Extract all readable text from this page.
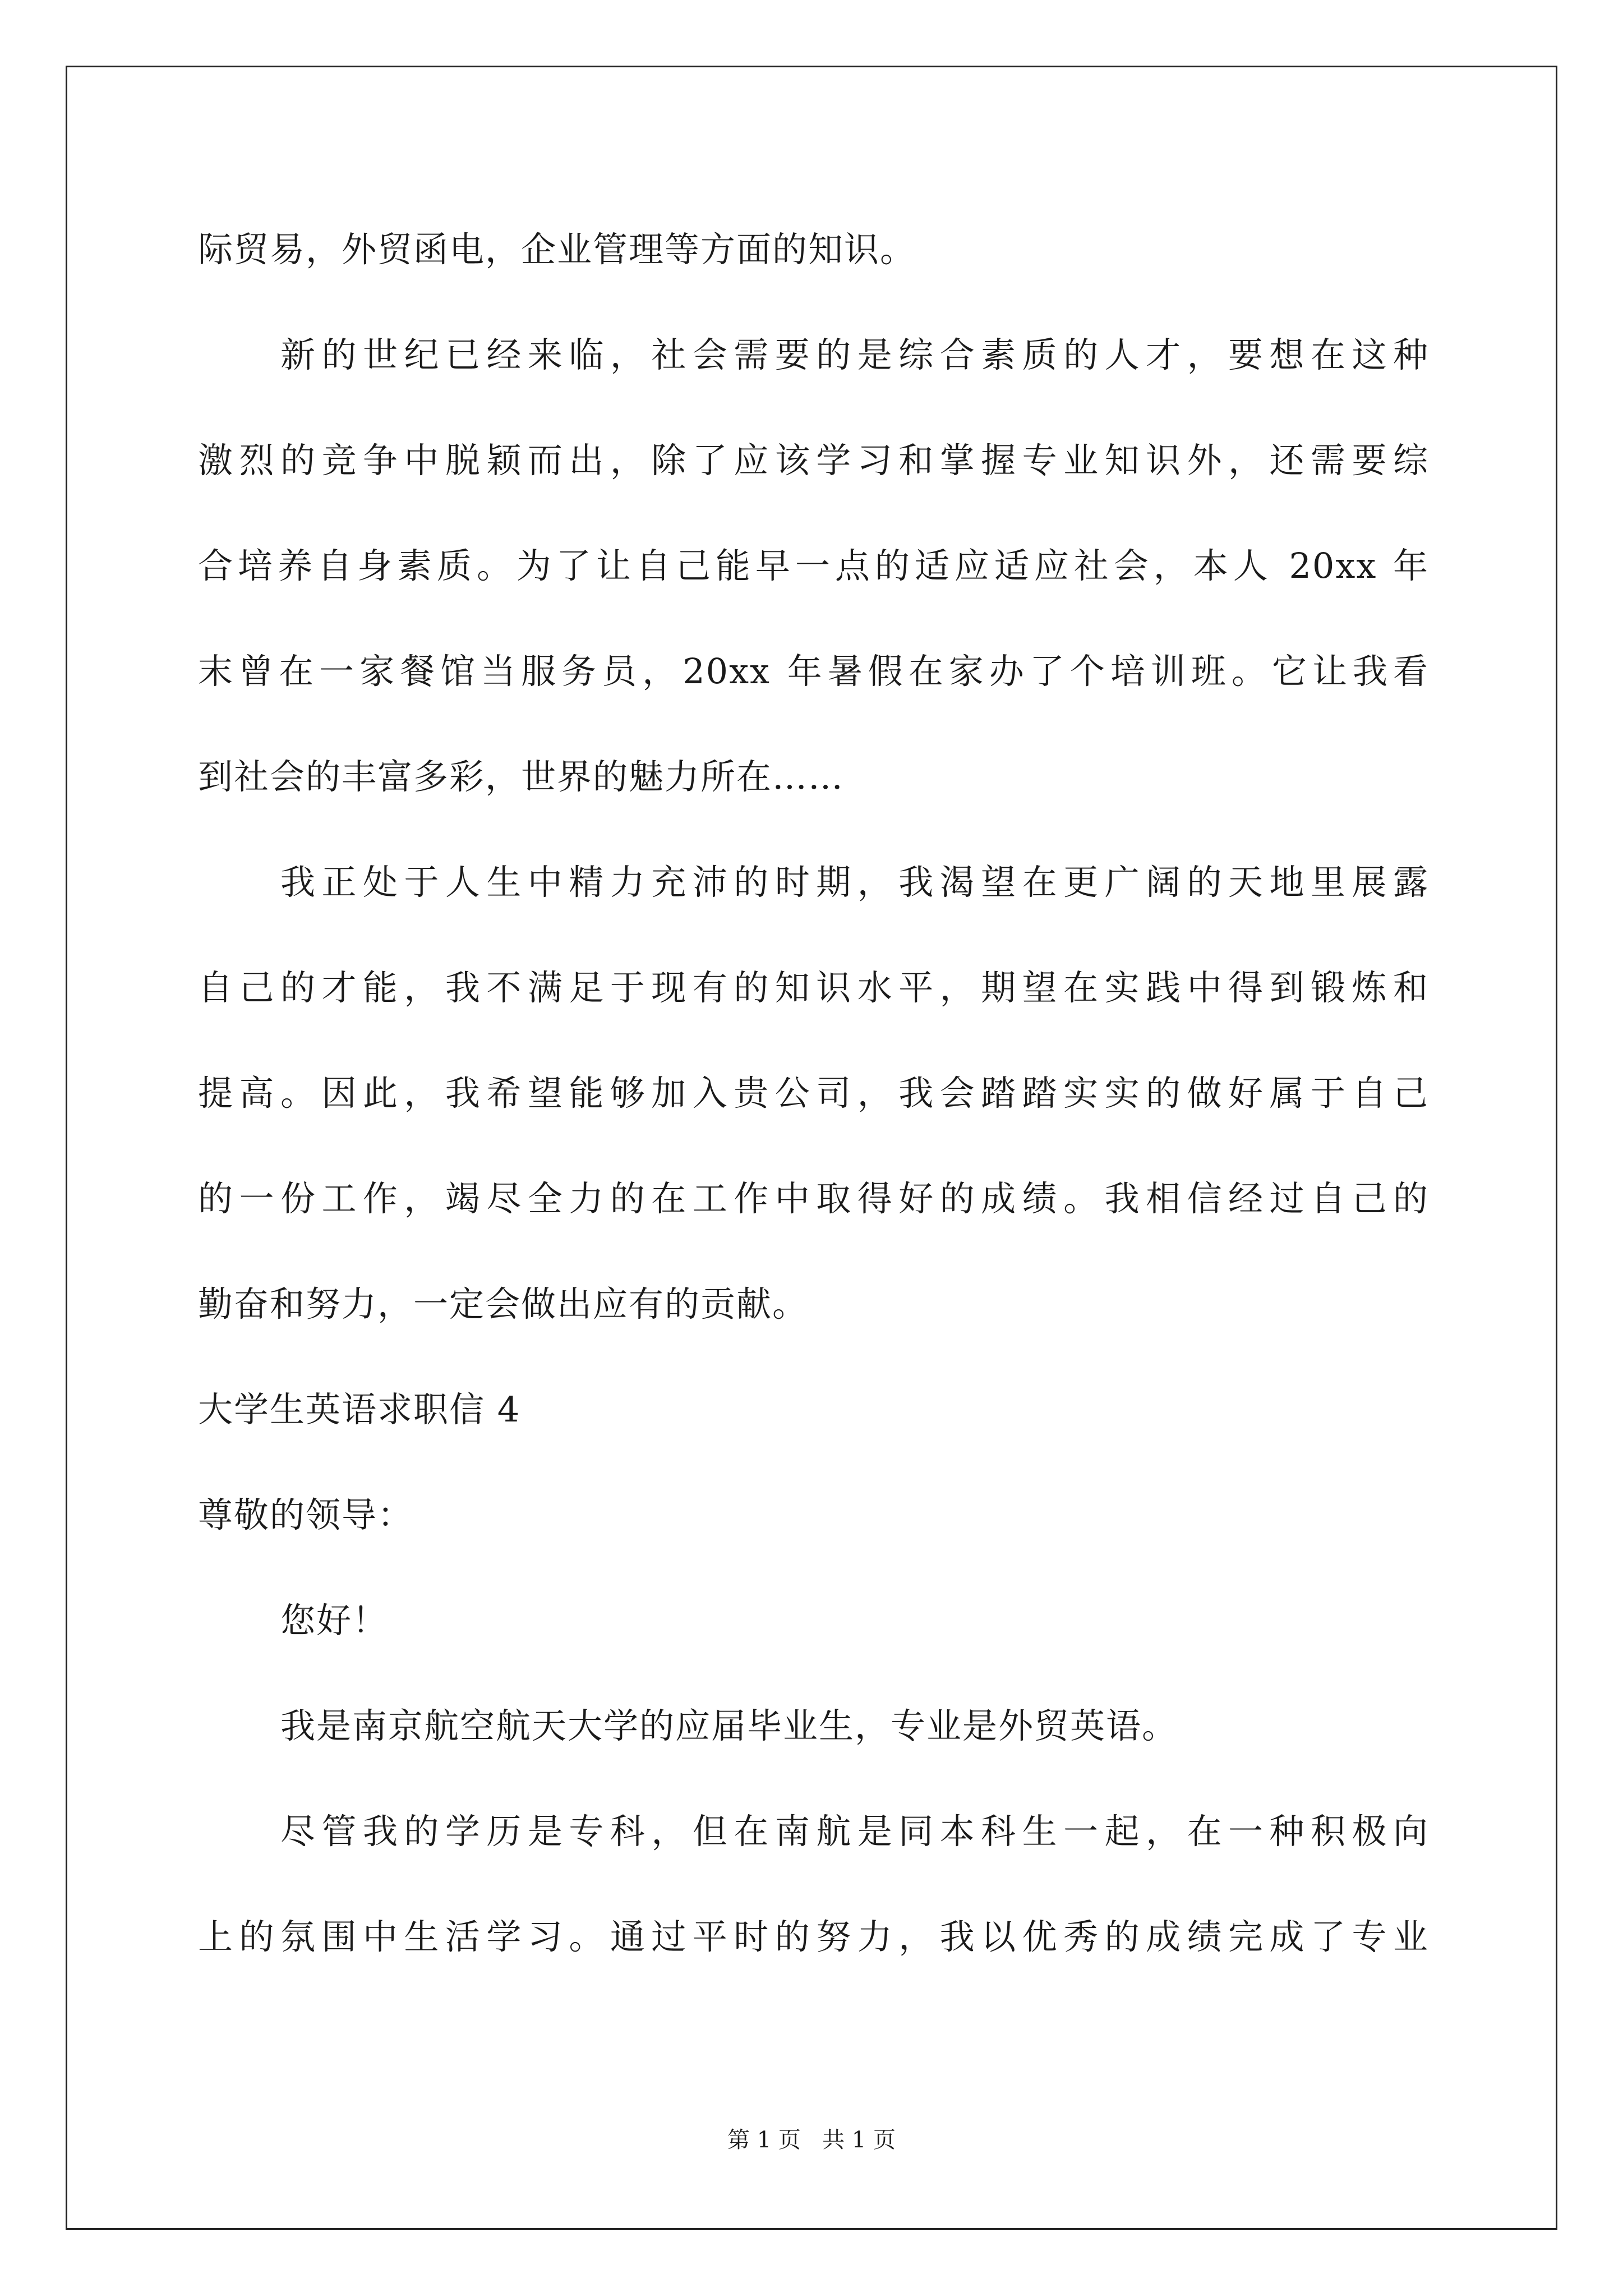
际贸易，外贸函电，企业管理等方面的知识。
新的世纪已经来临，社会需要的是综合素质的人才，要想在这种
激烈的竞争中脱颖而出，除了应该学习和掌握专业知识外，还需要综
合培养自身素质。为了让自己能早一点的适应适应社会，本人 20xx 年
末曾在一家餐馆当服务员，20xx 年暑假在家办了个培训班。它让我看
到社会的丰富多彩，世界的魅力所在……
我正处于人生中精力充沛的时期，我渴望在更广阔的天地里展露
自己的才能，我不满足于现有的知识水平，期望在实践中得到锻炼和
提高。因此，我希望能够加入贵公司，我会踏踏实实的做好属于自己
的一份工作，竭尽全力的在工作中取得好的成绩。我相信经过自己的
勤奋和努力，一定会做出应有的贡献。
大学生英语求职信 4
尊敬的领导：
您好！
我是南京航空航天大学的应届毕业生，专业是外贸英语。
尽管我的学历是专科，但在南航是同本科生一起，在一种积极向
上的氛围中生活学习。通过平时的努力，我以优秀的成绩完成了专业
第 1 页   共 1 页
